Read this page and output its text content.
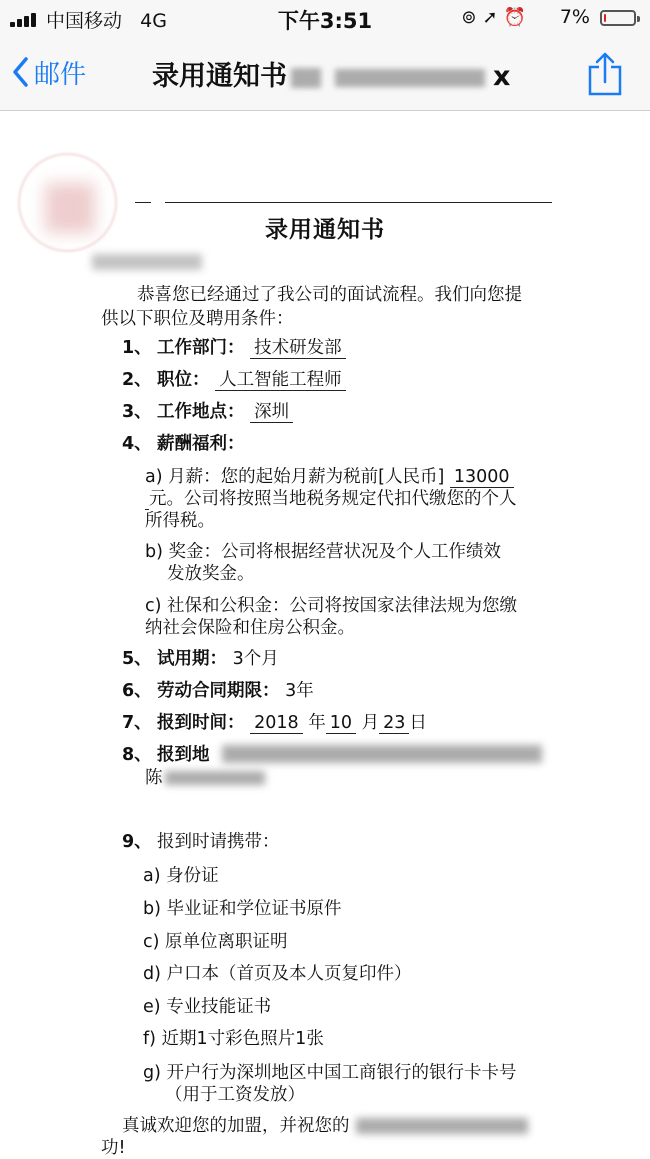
中国移动 4G	下午3:51	⊚➚⏰ 7%
邮件 录用通知书	x
录用通知书
恭喜您已经通过了我公司的面试流程。我们向您提
供以下职位及聘用条件：
1、 工作部门： 技术研发部
2、 职位： 人工智能工程师
3、 工作地点： 深圳
4、 薪酬福利：
a) 月薪：您的起始月薪为税前[人民币] 13000
元。公司将按照当地税务规定代扣代缴您的个人
所得税。
b) 奖金：公司将根据经营状况及个人工作绩效
发放奖金。
c) 社保和公积金：公司将按国家法律法规为您缴
纳社会保险和住房公积金。
5、 试用期： 3个月
6、 劳动合同期限： 3年
7、 报到时间： 2018 年 10 月 23 日
8、 报到地
陈
9、 报到时请携带：
a) 身份证
b) 毕业证和学位证书原件
c) 原单位离职证明
d) 户口本（首页及本人页复印件）
e) 专业技能证书
f) 近期1寸彩色照片1张
g) 开户行为深圳地区中国工商银行的银行卡卡号
（用于工资发放）
真诚欢迎您的加盟，并祝您的
功!
